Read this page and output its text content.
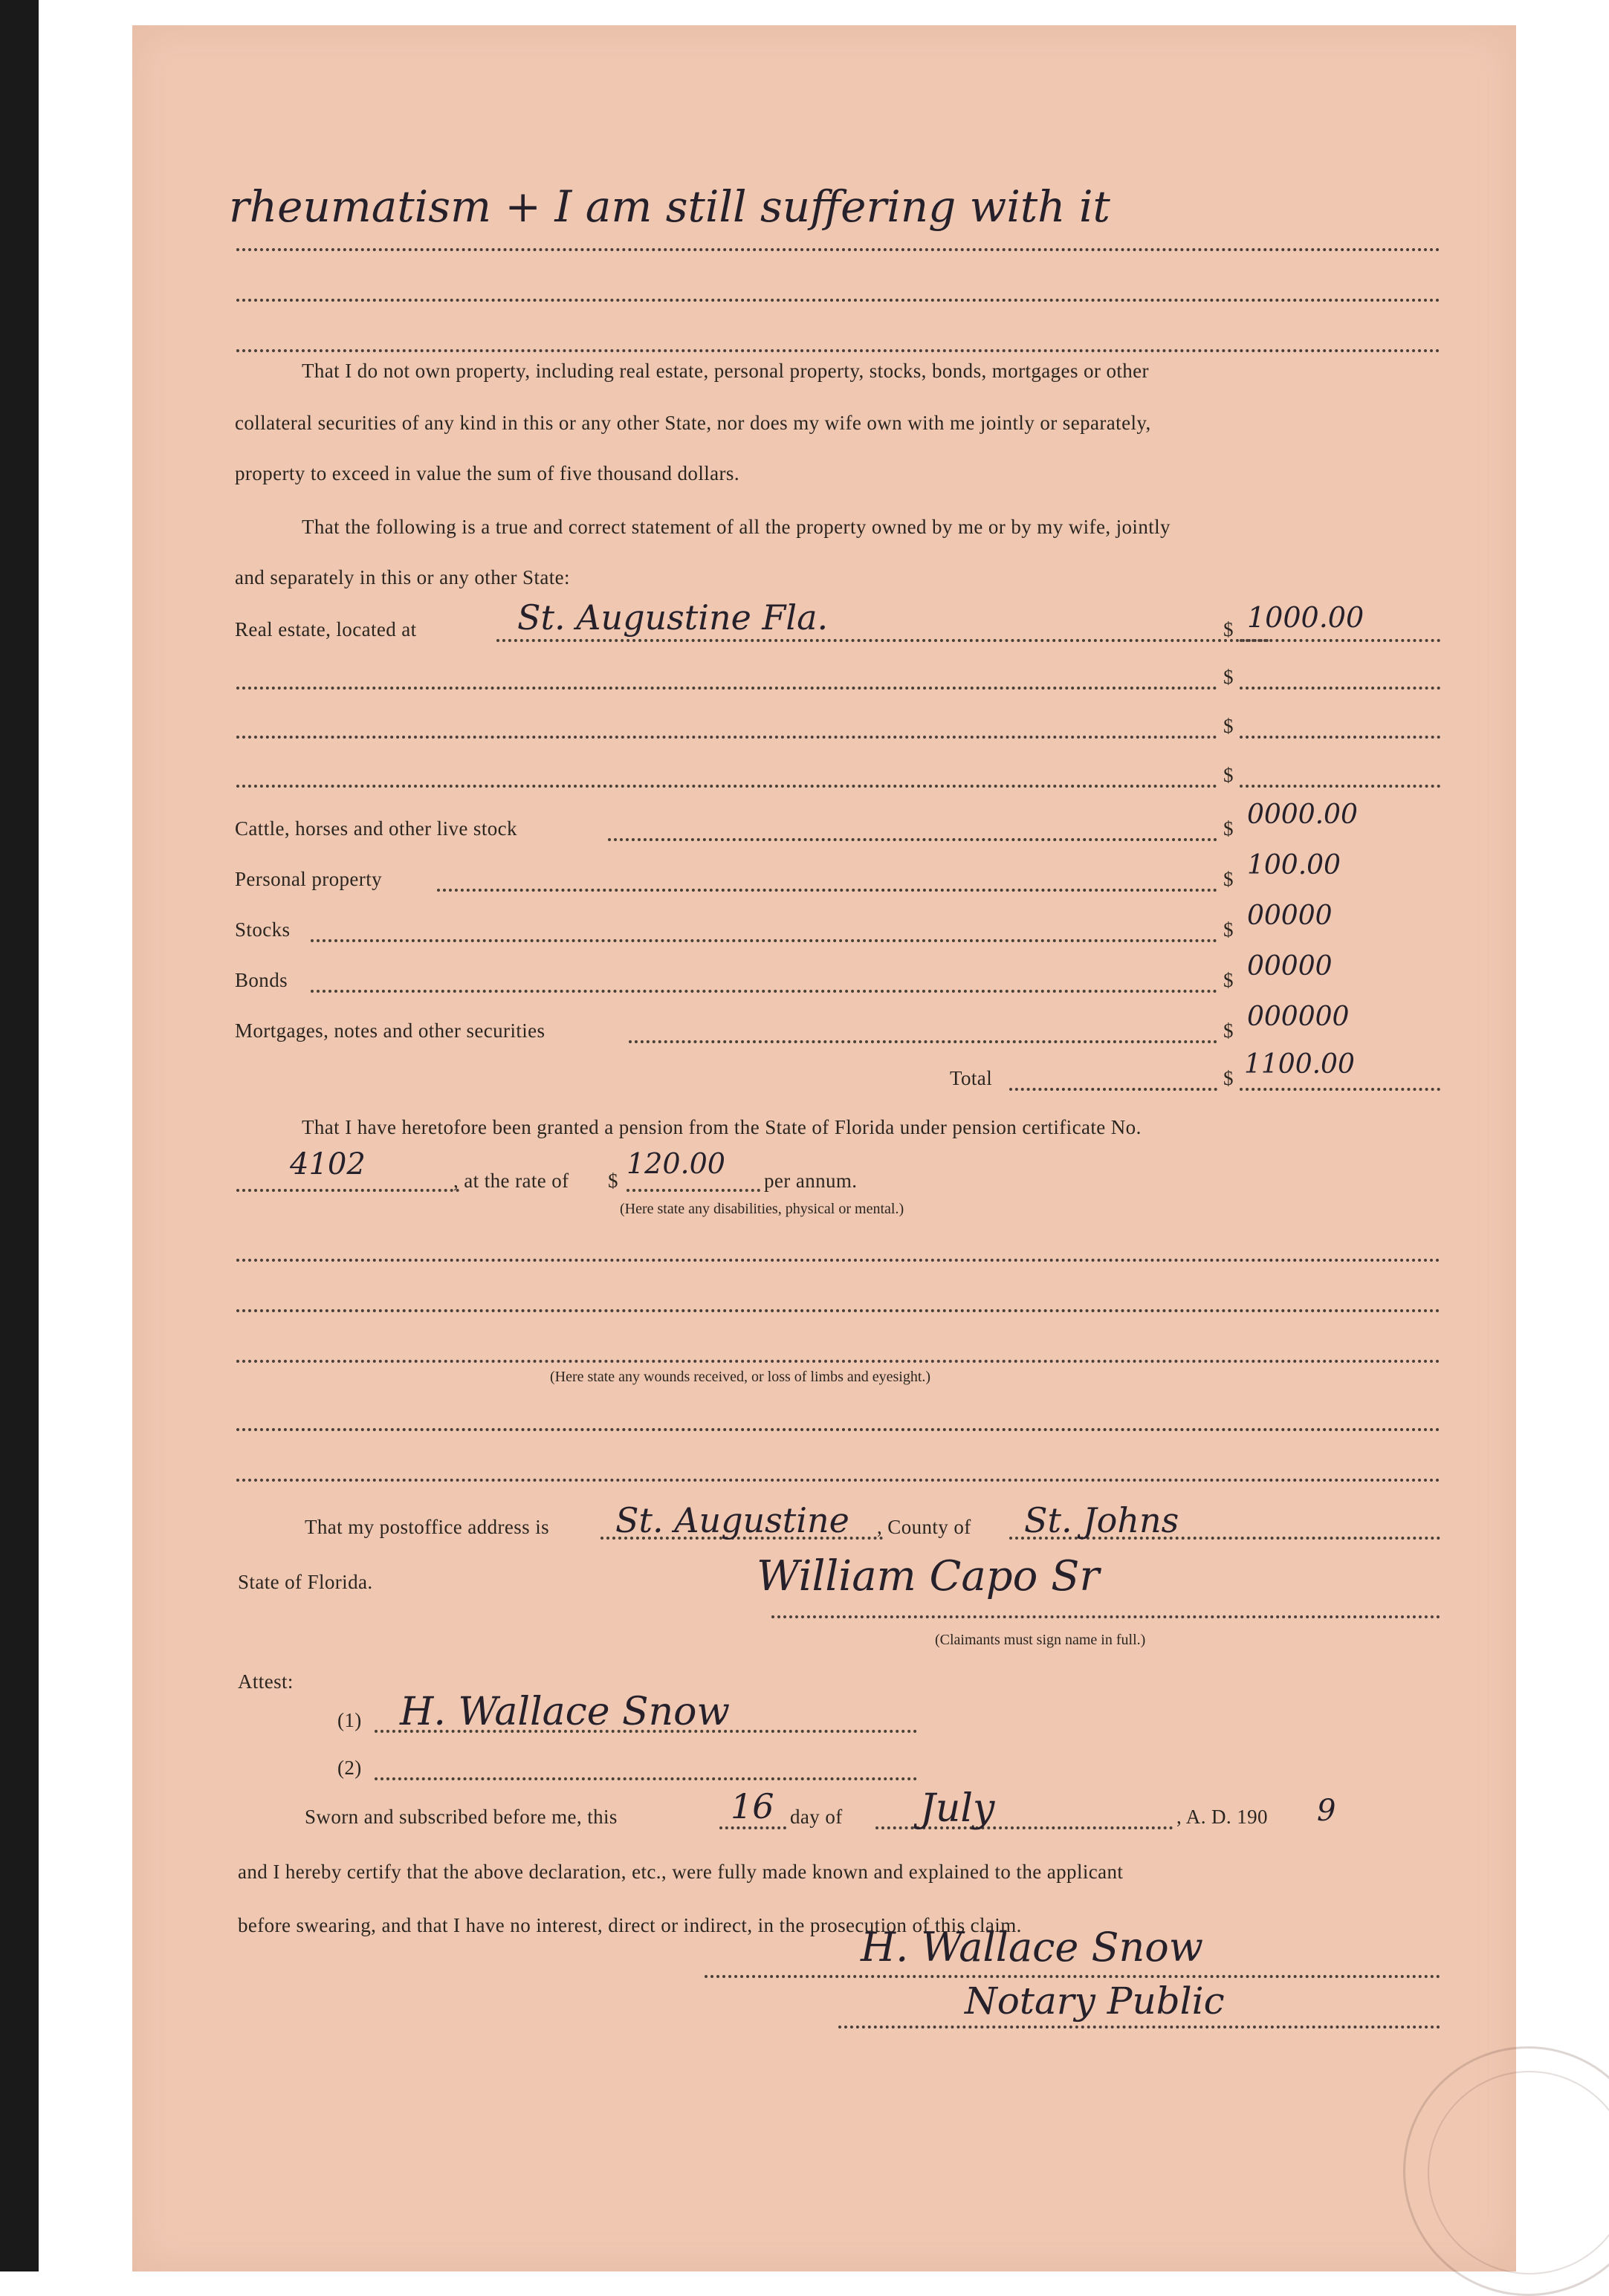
rheumatism + I am still suffering with it
That I do not own property, including real estate, personal property, stocks, bonds, mortgages or other
collateral securities of any kind in this or any other State, nor does my wife own with me jointly or separately,
property to exceed in value the sum of five thousand dollars.
That the following is a true and correct statement of all the property owned by me or by my wife, jointly
and separately in this or any other State:
Real estate, located at	St. Augustine Fla.	$ 1000.00
$
$
$
Cattle, horses and other live stock	$ 0000.00
Personal property	$ 100.00
Stocks	$ 00000
Bonds	$ 00000
Mortgages, notes and other securities	$ 000000
Total	$ 1100.00
That I have heretofore been granted a pension from the State of Florida under pension certificate No.
4102	, at the rate of $
120.00
per annum.
(Here state any disabilities, physical or mental.)
(Here state any wounds received, or loss of limbs and eyesight.)
That my postoffice address is St. Augustine , County of St. Johns
State of Florida.	William Capo Sr
(Claimants must sign name in full.)
Attest:
(1) H. Wallace Snow
(2)
Sworn and subscribed before me, this	16 day of July	, A. D. 190 9
and I hereby certify that the above declaration, etc., were fully made known and explained to the applicant
before swearing, and that I have no interest, direct or indirect, in the prosecution of this claim.
H. Wallace Snow
Notary Public
